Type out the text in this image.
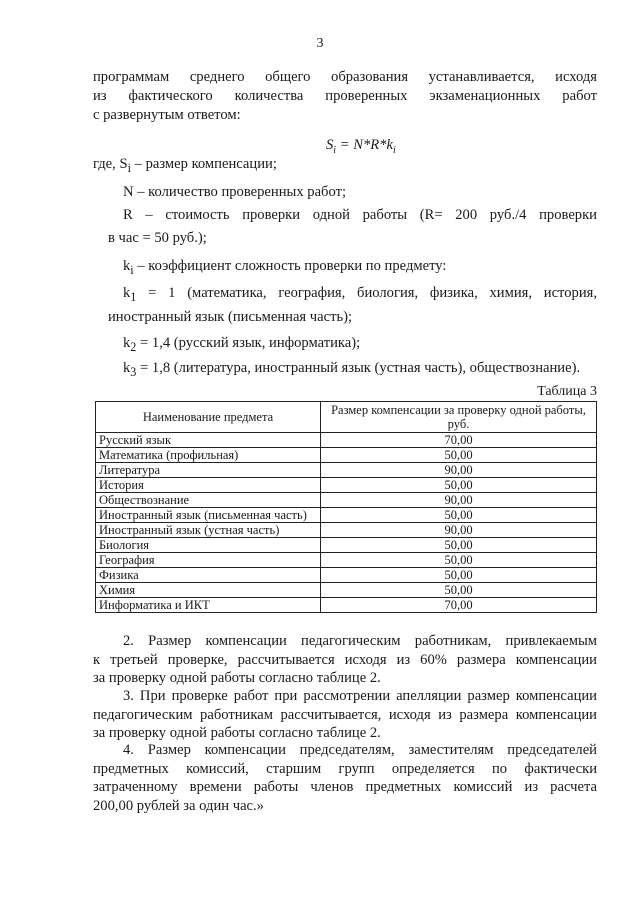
3
программам среднего общего образования устанавливается, исходя
из фактического количества проверенных экзаменационных работ
с развернутым ответом:
$S_i = N*R*k_i$
где, $S_i$ – размер компенсации;
N – количество проверенных работ;
R – стоимость проверки одной работы (R= 200 руб./4 проверки
в час = 50 руб.);
$k_i$ – коэффициент сложность проверки по предмету:
$k_1 = 1$ (математика, география, биология, физика, химия, история,
иностранный язык (письменная часть);
$k_2 = 1,4$ (русский язык, информатика);
$k_3 = 1,8$ (литература, иностранный язык (устная часть), обществознание).
Таблица 3
Наименование предмета	Размер компенсации за проверку одной работы, руб.
Русский язык	70,00
Математика (профильная)	50,00
Литература	90,00
История	50,00
Обществознание	90,00
Иностранный язык (письменная часть)	50,00
Иностранный язык (устная часть)	90,00
Биология	50,00
География	50,00
Физика	50,00
Химия	50,00
Информатика и ИКТ	70,00

2. Размер компенсации педагогическим работникам, привлекаемым

к третьей проверке, рассчитывается исходя из 60% размера компенсации

за проверку одной работы согласно таблице 2.

3. При проверке работ при рассмотрении апелляции размер компенсации

педагогическим работникам рассчитывается, исходя из размера компенсации

за проверку одной работы согласно таблице 2.

4. Размер компенсации председателям, заместителям председателей

предметных комиссий, старшим групп определяется по фактически

затраченному времени работы членов предметных комиссий из расчета

200,00 рублей за один час.»
